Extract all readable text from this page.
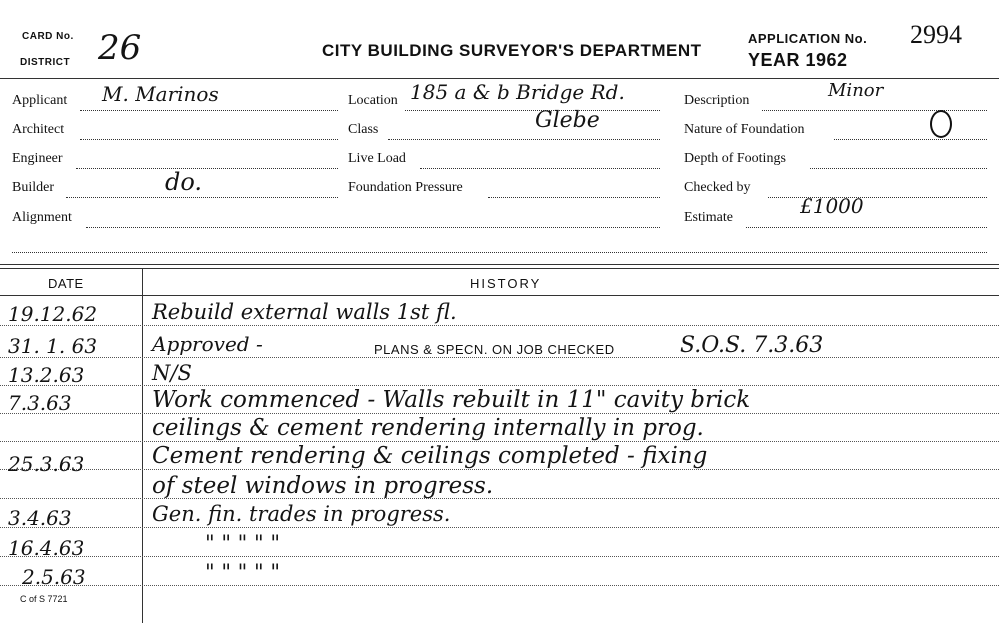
CARD No.
DISTRICT 26	CITY BUILDING SURVEYOR'S DEPARTMENT
APPLICATION No. 2994
YEAR 1962
Applicant M. Marinos
Architect
Engineer
Builder	do.
Alignment
Location 185 a & b Bridge Rd.
Class	Glebe
Live Load
Foundation Pressure
Description	Minor
Nature of Foundation
Depth of Footings
Checked by
Estimate	£1000
DATE	HISTORY
19.12.62	Rebuild external walls 1st fl.
31. 1. 63	Approved -	PLANS & SPECN. ON JOB CHECKED	S.O.S. 7.3.63
13.2.63	N/S
7.3.63	Work commenced - Walls rebuilt in 11" cavity brick
ceilings & cement rendering internally in prog.
25.3.63	Cement rendering & ceilings completed - fixing
of steel windows in progress.
3.4.63	Gen. fin. trades in progress.
16.4.63	" " " " "
2.5.63	" " " " "
C of S 7721
